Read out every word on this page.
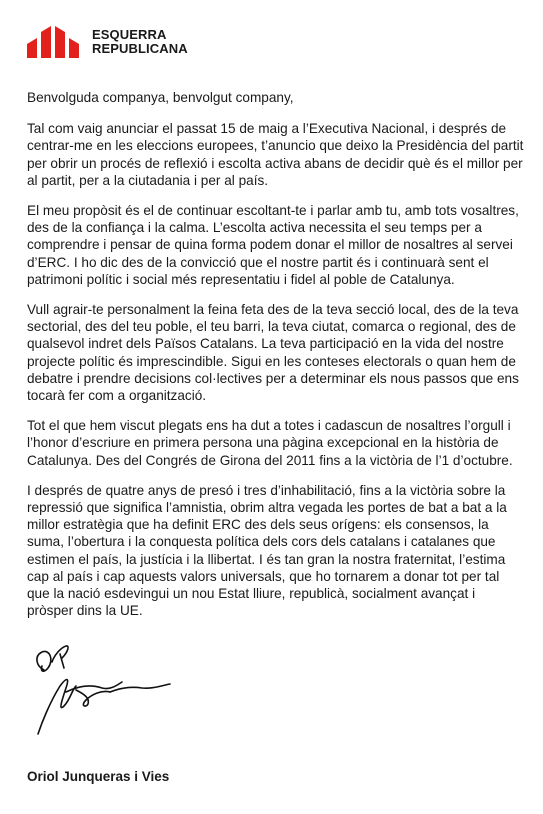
ESQUERRA
REPUBLICANA

Benvolguda companya, benvolgut company,

Tal com vaig anunciar el passat 15 de maig a l’Executiva Nacional, i després de centrar-me en les eleccions europees, t’anuncio que deixo la Presidència del partit per obrir un procés de reflexió i escolta activa abans de decidir què és el millor per al partit, per a la ciutadania i per al país.

El meu propòsit és el de continuar escoltant-te i parlar amb tu, amb tots vosaltres, des de la confiança i la calma. L’escolta activa necessita el seu temps per a comprendre i pensar de quina forma podem donar el millor de nosaltres al servei d’ERC. I ho dic des de la convicció que el nostre partit és i continuarà sent el patrimoni polític i social més representatiu i fidel al poble de Catalunya.

Vull agrair-te personalment la feina feta des de la teva secció local, des de la teva sectorial, des del teu poble, el teu barri, la teva ciutat, comarca o regional, des de qualsevol indret dels Països Catalans. La teva participació en la vida del nostre projecte polític és imprescindible. Sigui en les conteses electorals o quan hem de debatre i prendre decisions col·lectives per a determinar els nous passos que ens tocarà fer com a organització.

Tot el que hem viscut plegats ens ha dut a totes i cadascun de nosaltres l’orgull i l’honor d’escriure en primera persona una pàgina excepcional en la història de Catalunya. Des del Congrés de Girona del 2011 fins a la victòria de l’1 d’octubre.

I després de quatre anys de presó i tres d’inhabilitació, fins a la victòria sobre la repressió que significa l’amnistia, obrim altra vegada les portes de bat a bat a la millor estratègia que ha definit ERC des dels seus orígens: els consensos, la suma, l’obertura i la conquesta política dels cors dels catalans i catalanes que estimen el país, la justícia i la llibertat. I és tan gran la nostra fraternitat, l’estima cap al país i cap aquests valors universals, que ho tornarem a donar tot per tal que la nació esdevingui un nou Estat lliure, republicà, socialment avançat i pròsper dins la UE.

Oriol Junqueras i Vies
